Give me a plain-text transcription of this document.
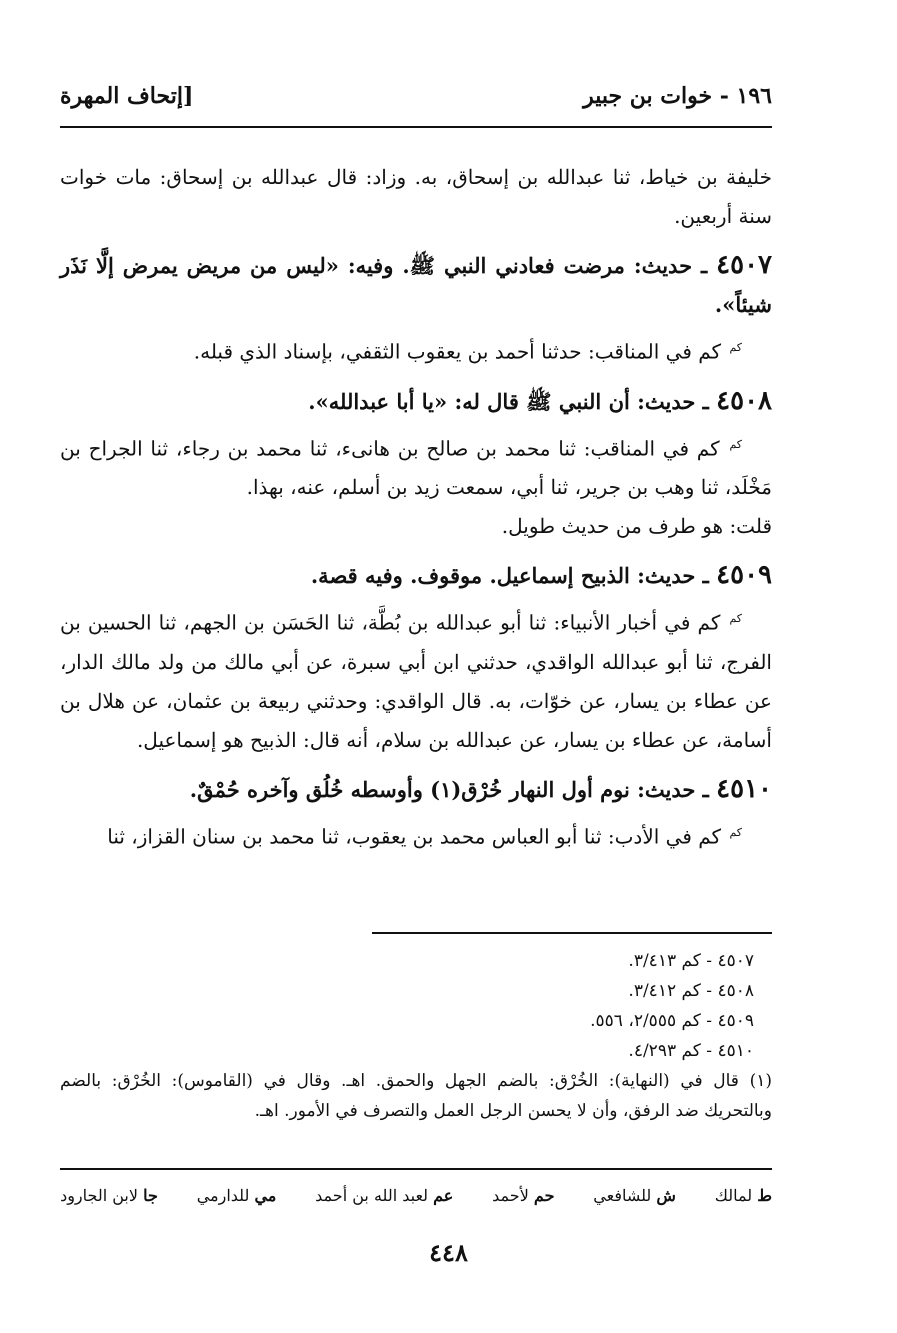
١٩٦ - خوات بن جبير
[إتحاف المهرة

خليفة بن خياط، ثنا عبدالله بن إسحاق، به. وزاد: قال عبدالله بن إسحاق: مات خوات سنة أربعين.

٤٥٠٧ ـ حديث: مرضت فعادني النبي ﷺ. وفيه: «ليس من مريض يمرض إلَّا نَذَر شيئاً».

$^{كم}$ كم في المناقب: حدثنا أحمد بن يعقوب الثقفي، بإسناد الذي قبله.

٤٥٠٨ ـ حديث: أن النبي ﷺ قال له: «يا أبا عبدالله».

$^{كم}$ كم في المناقب: ثنا محمد بن صالح بن هانىء، ثنا محمد بن رجاء، ثنا الجراح بن مَخْلَد، ثنا وهب بن جرير، ثنا أبي، سمعت زيد بن أسلم، عنه، بهذا.

قلت: هو طرف من حديث طويل.

٤٥٠٩ ـ حديث: الذبيح إسماعيل. موقوف. وفيه قصة.

$^{كم}$ كم في أخبار الأنبياء: ثنا أبو عبدالله بن بُطَّة، ثنا الحَسَن بن الجهم، ثنا الحسين بن الفرج، ثنا أبو عبدالله الواقدي، حدثني ابن أبي سبرة، عن أبي مالك من ولد مالك الدار، عن عطاء بن يسار، عن خوّات، به. قال الواقدي: وحدثني ربيعة بن عثمان، عن هلال بن أسامة، عن عطاء بن يسار، عن عبدالله بن سلام، أنه قال: الذبيح هو إسماعيل.

٤٥١٠ ـ حديث: نوم أول النهار خُرْق(١) وأوسطه خُلُق وآخره حُمْقٌ.

$^{كم}$ كم في الأدب: ثنا أبو العباس محمد بن يعقوب، ثنا محمد بن سنان القزاز، ثنا

٤٥٠٧ - كم ٣/٤١٣.

٤٥٠٨ - كم ٣/٤١٢.

٤٥٠٩ - كم ٢/٥٥٥، ٥٥٦.

٤٥١٠ - كم ٤/٢٩٣.

(١) قال في (النهاية): الخُرْق: بالضم الجهل والحمق. اهـ. وقال في (القاموس): الخُرْق: بالضم وبالتحريك ضد الرفق، وأن لا يحسن الرجل العمل والتصرف في الأمور. اهـ.

ط لمالك
ش للشافعي
حم لأحمد
عم لعبد الله بن أحمد
مي للدارمي
جا لابن الجارود
٤٤٨
